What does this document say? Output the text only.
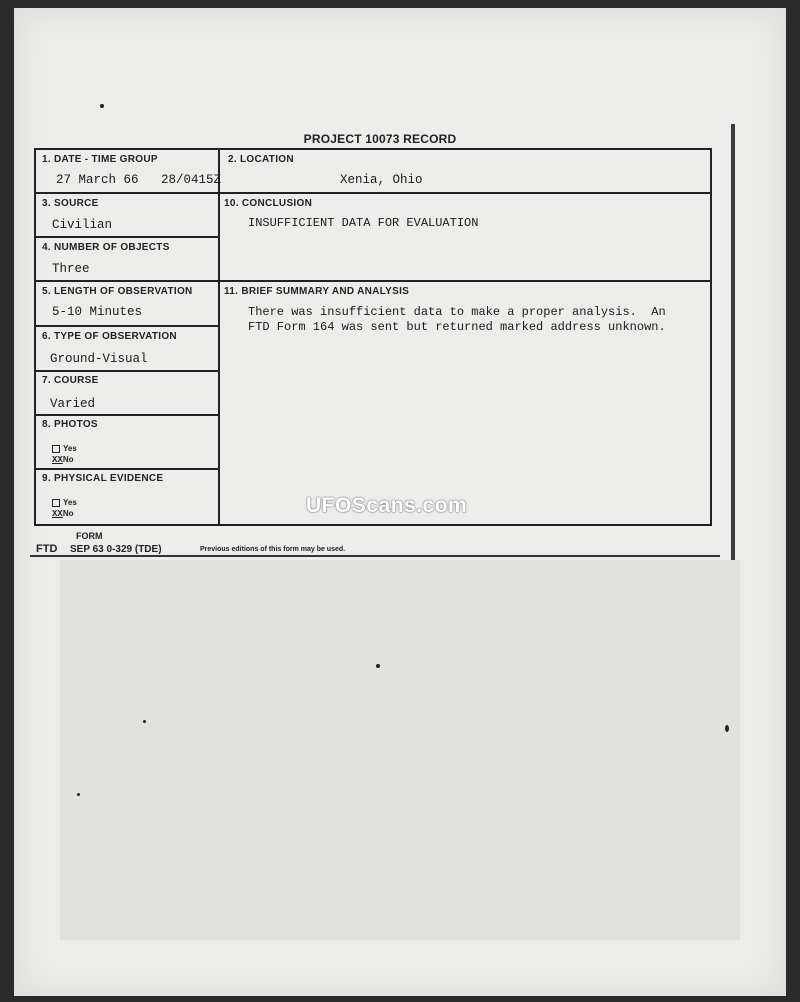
PROJECT 10073 RECORD
1. DATE - TIME GROUP
27 March 66   28/0415Z
2. LOCATION
Xenia, Ohio
3. SOURCE
Civilian
10. CONCLUSION
INSUFFICIENT DATA FOR EVALUATION
4. NUMBER OF OBJECTS
Three
5. LENGTH OF OBSERVATION
5-10 Minutes
11. BRIEF SUMMARY AND ANALYSIS
There was insufficient data to make a proper analysis.  An
FTD Form 164 was sent but returned marked address unknown.
6. TYPE OF OBSERVATION
Ground-Visual
7. COURSE
Varied
8. PHOTOS
Yes
XXNo
9. PHYSICAL EVIDENCE
Yes
XXNo	UFOScans.com
FORM
FTD SEP 63 0-329 (TDE)	Previous editions of this form may be used.
